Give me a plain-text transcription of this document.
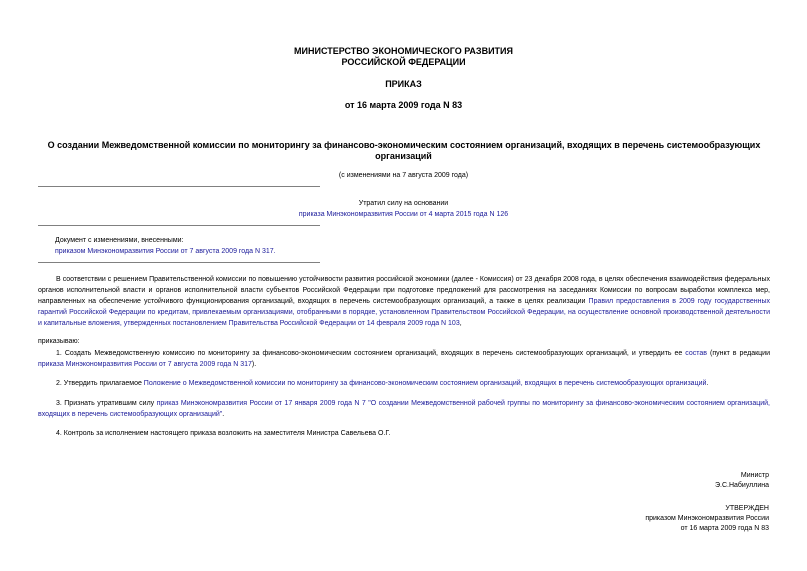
МИНИСТЕРСТВО ЭКОНОМИЧЕСКОГО РАЗВИТИЯ
РОССИЙСКОЙ ФЕДЕРАЦИИ
ПРИКАЗ
от 16 марта 2009 года N 83
О создании Межведомственной комиссии по мониторингу за финансово-экономическим состоянием организаций, входящих в перечень системообразующих
организаций
(с изменениями на 7 августа 2009 года)
Утратил силу на основании
приказа Минэкономразвития России от 4 марта 2015 года N 126
Документ с изменениями, внесенными:
приказом Минэкономразвития России от 7 августа 2009 года N 317.
В соответствии с решением Правительственной комиссии по повышению устойчивости развития российской экономики (далее - Комиссия) от 23 декабря 2008 года, в целях обеспечения взаимодействия федеральных органов исполнительной власти и органов исполнительной власти субъектов Российской Федерации при подготовке предложений для рассмотрения на заседаниях Комиссии по вопросам выработки комплекса мер, направленных на обеспечение устойчивого функционирования организаций, входящих в перечень системообразующих организаций, а также в целях реализации Правил предоставления в 2009 году государственных гарантий Российской Федерации по кредитам, привлекаемым организациями, отобранными в порядке, установленном Правительством Российской Федерации, на осуществление основной производственной деятельности и капитальные вложения, утвержденных постановлением Правительства Российской Федерации от 14 февраля 2009 года N 103,
приказываю:
1. Создать Межведомственную комиссию по мониторингу за финансово-экономическим состоянием организаций, входящих в перечень системообразующих организаций, и утвердить ее состав (пункт в редакции приказа Минэкономразвития России от 7 августа 2009 года N 317).
2. Утвердить прилагаемое Положение о Межведомственной комиссии по мониторингу за финансово-экономическим состоянием организаций, входящих в перечень системообразующих организаций.
3. Признать утратившим силу приказ Минэкономразвития России от 17 января 2009 года N 7 "О создании Межведомственной рабочей группы по мониторингу за финансово-экономическим состоянием организаций, входящих в перечень системообразующих организаций".
4. Контроль за исполнением настоящего приказа возложить на заместителя Министра Савельева О.Г.
Министр
Э.С.Набиуллина
УТВЕРЖДЕН
приказом Минэкономразвития России
от 16 марта 2009 года N 83
